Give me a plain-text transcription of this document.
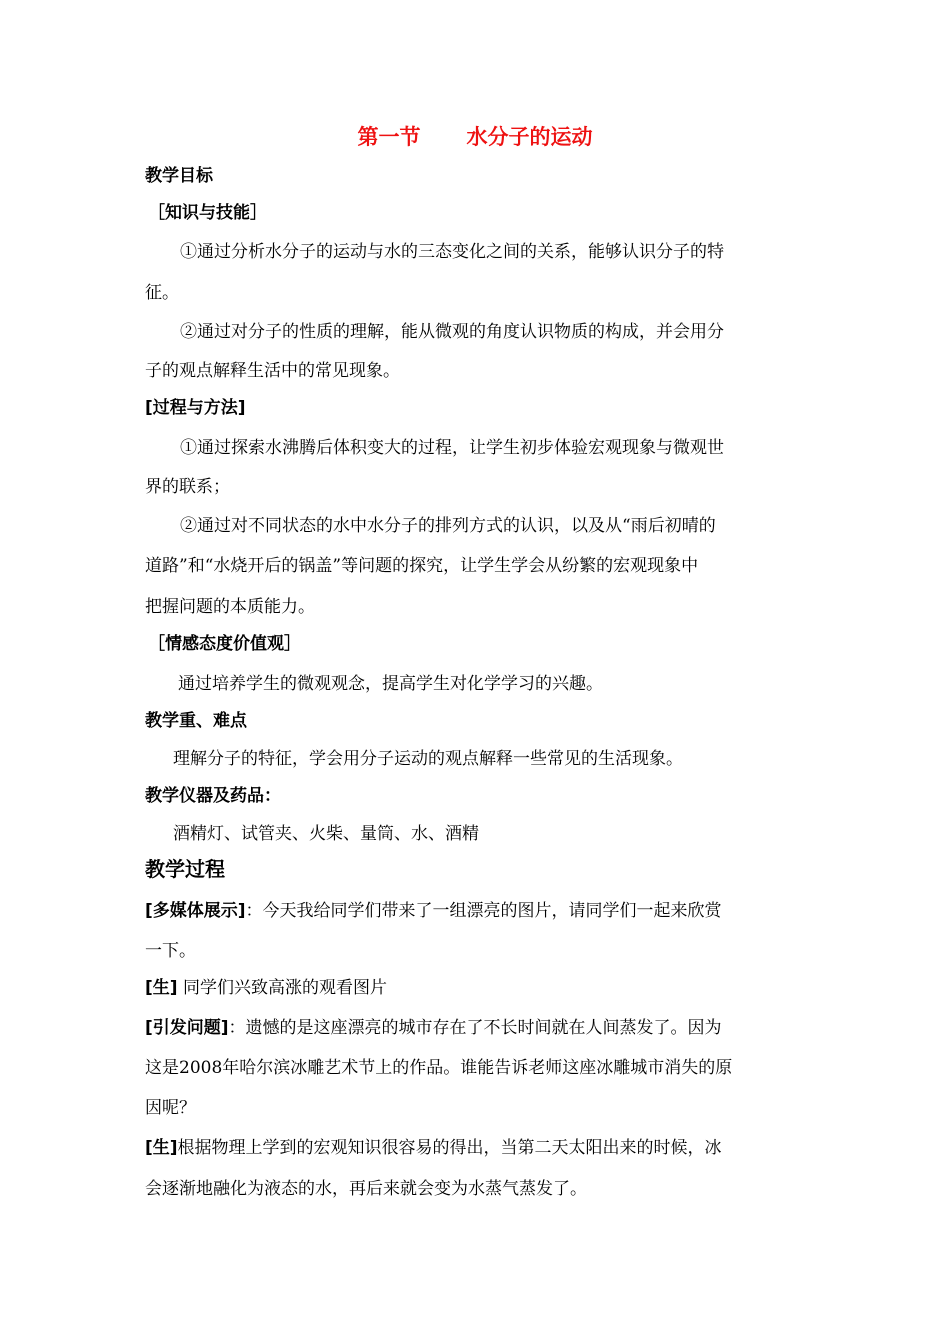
第一节 水分子的运动
教学目标
［知识与技能］
①通过分析水分子的运动与水的三态变化之间的关系，能够认识分子的特
征。
②通过对分子的性质的理解，能从微观的角度认识物质的构成，并会用分
子的观点解释生活中的常见现象。
[过程与方法]
①通过探索水沸腾后体积变大的过程，让学生初步体验宏观现象与微观世
界的联系；
②通过对不同状态的水中水分子的排列方式的认识，以及从“雨后初晴的
道路”和“水烧开后的锅盖”等问题的探究，让学生学会从纷繁的宏观现象中
把握问题的本质能力。
［情感态度价值观］
通过培养学生的微观观念，提高学生对化学学习的兴趣。
教学重、难点
理解分子的特征，学会用分子运动的观点解释一些常见的生活现象。
教学仪器及药品：
酒精灯、试管夹、火柴、量筒、水、酒精
教学过程
[多媒体展示]：今天我给同学们带来了一组漂亮的图片，请同学们一起来欣赏
一下。
[生] 同学们兴致高涨的观看图片
[引发问题]：遗憾的是这座漂亮的城市存在了不长时间就在人间蒸发了。因为
这是2008年哈尔滨冰雕艺术节上的作品。谁能告诉老师这座冰雕城市消失的原
因呢？
[生]根据物理上学到的宏观知识很容易的得出，当第二天太阳出来的时候，冰
会逐渐地融化为液态的水，再后来就会变为水蒸气蒸发了。
